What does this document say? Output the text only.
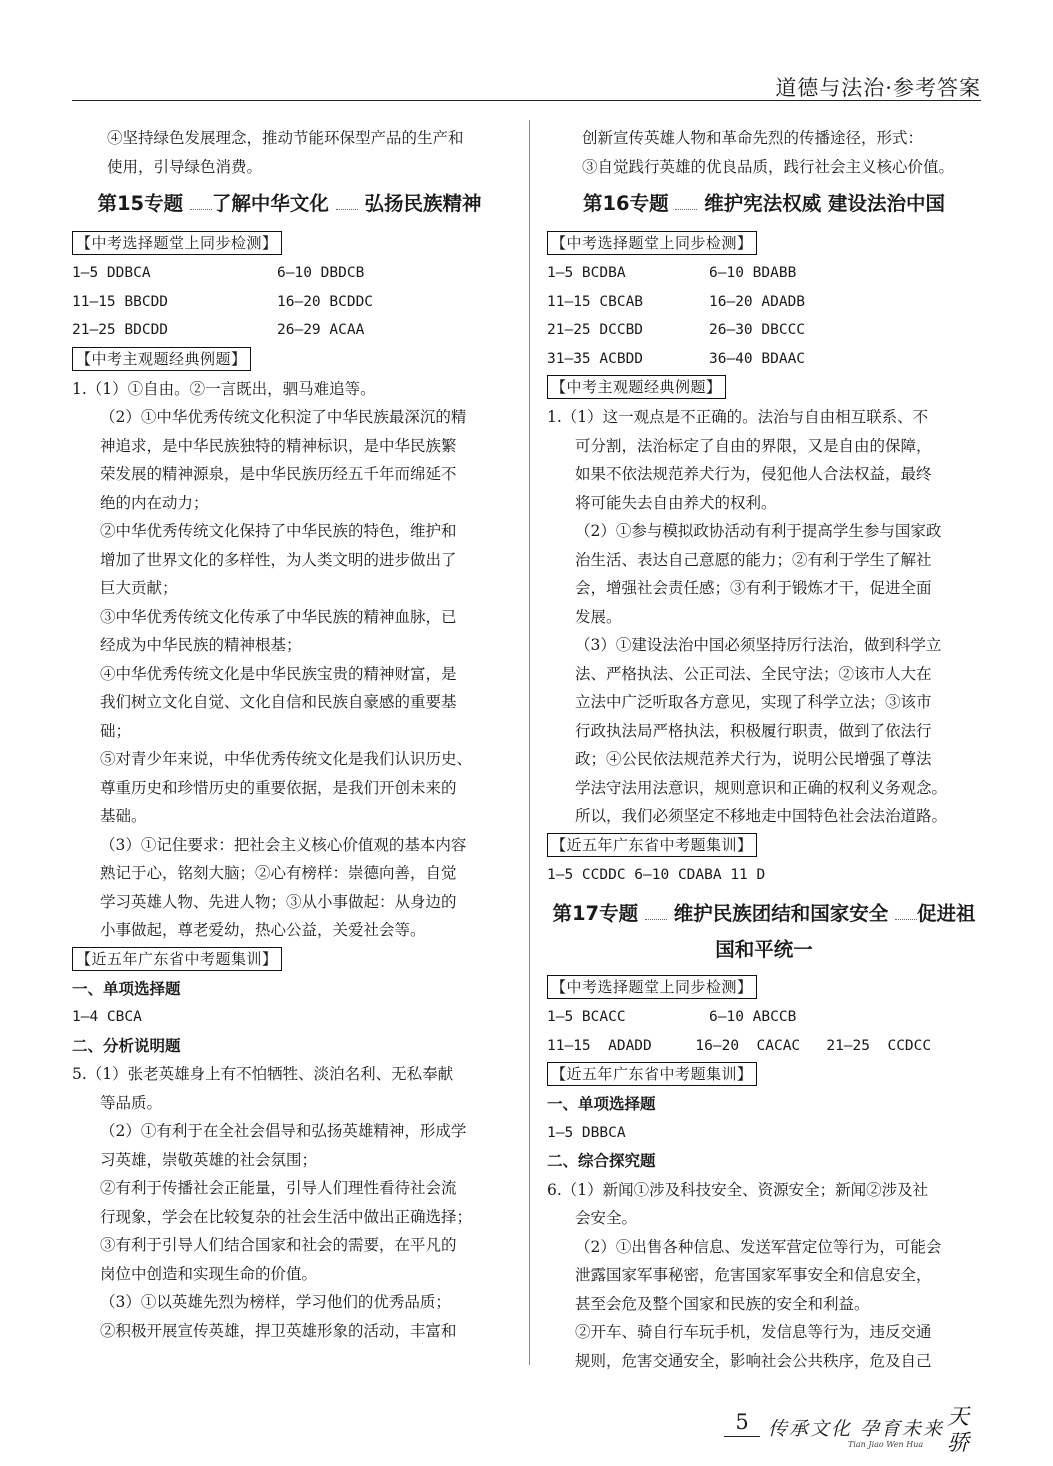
道德与法治·参考答案
④坚持绿色发展理念，推动节能环保型产品的生产和
使用，引导绿色消费。
第15专题 了解中华文化 弘扬民族精神
【中考选择题堂上同步检测】
1—5 DDBCA	6—10 DBDCB
11—15 BBCDD	16—20 BCDDC
21—25 BDCDD	26—29 ACAA
【中考主观题经典例题】
1.（1）①自由。②一言既出，驷马难追等。
（2）①中华优秀传统文化积淀了中华民族最深沉的精
神追求，是中华民族独特的精神标识，是中华民族繁
荣发展的精神源泉，是中华民族历经五千年而绵延不
绝的内在动力；
②中华优秀传统文化保持了中华民族的特色，维护和
增加了世界文化的多样性，为人类文明的进步做出了
巨大贡献；
③中华优秀传统文化传承了中华民族的精神血脉，已
经成为中华民族的精神根基；
④中华优秀传统文化是中华民族宝贵的精神财富，是
我们树立文化自觉、文化自信和民族自豪感的重要基
础；
⑤对青少年来说，中华优秀传统文化是我们认识历史、
尊重历史和珍惜历史的重要依据，是我们开创未来的
基础。
（3）①记住要求：把社会主义核心价值观的基本内容
熟记于心，铭刻大脑；②心有榜样：崇德向善，自觉
学习英雄人物、先进人物；③从小事做起：从身边的
小事做起，尊老爱幼，热心公益，关爱社会等。
【近五年广东省中考题集训】
一、单项选择题
1—4 CBCA
二、分析说明题
5.（1）张老英雄身上有不怕牺牲、淡泊名利、无私奉献
等品质。
（2）①有利于在全社会倡导和弘扬英雄精神，形成学
习英雄，崇敬英雄的社会氛围；
②有利于传播社会正能量，引导人们理性看待社会流
行现象，学会在比较复杂的社会生活中做出正确选择；
③有利于引导人们结合国家和社会的需要，在平凡的
岗位中创造和实现生命的价值。
（3）①以英雄先烈为榜样，学习他们的优秀品质；
②积极开展宣传英雄，捍卫英雄形象的活动，丰富和
创新宣传英雄人物和革命先烈的传播途径，形式：
③自觉践行英雄的优良品质，践行社会主义核心价值。
第16专题 维护宪法权威 建设法治中国
【中考选择题堂上同步检测】
1—5 BCDBA	6—10 BDABB
11—15 CBCAB	16—20 ADADB
21—25 DCCBD	26—30 DBCCC
31—35 ACBDD	36—40 BDAAC
【中考主观题经典例题】
1.（1）这一观点是不正确的。法治与自由相互联系、不
可分割，法治标定了自由的界限，又是自由的保障，
如果不依法规范养犬行为，侵犯他人合法权益，最终
将可能失去自由养犬的权利。
（2）①参与模拟政协活动有利于提高学生参与国家政
治生活、表达自己意愿的能力；②有利于学生了解社
会，增强社会责任感；③有利于锻炼才干，促进全面
发展。
（3）①建设法治中国必须坚持厉行法治，做到科学立
法、严格执法、公正司法、全民守法；②该市人大在
立法中广泛听取各方意见，实现了科学立法；③该市
行政执法局严格执法，积极履行职责，做到了依法行
政；④公民依法规范养犬行为，说明公民增强了尊法
学法守法用法意识，规则意识和正确的权利义务观念。
所以，我们必须坚定不移地走中国特色社会法治道路。
【近五年广东省中考题集训】
1—5 CCDDC 6—10 CDABA 11 D
第17专题 维护民族团结和国家安全 促进祖
国和平统一
【中考选择题堂上同步检测】
1—5 BCACC	6—10 ABCCB
11—15  ADADD     16—20  CACAC   21—25  CCDCC
【近五年广东省中考题集训】
一、单项选择题
1—5 DBBCA
二、综合探究题
6.（1）新闻①涉及科技安全、资源安全；新闻②涉及社
会安全。
（2）①出售各种信息、发送军营定位等行为，可能会
泄露国家军事秘密，危害国家军事安全和信息安全，
甚至会危及整个国家和民族的安全和利益。
②开车、骑自行车玩手机，发信息等行为，违反交通
规则，危害交通安全，影响社会公共秩序，危及自己
5	传承文化 孕育未来
Tian Jiao Wen Hua
天
骄
